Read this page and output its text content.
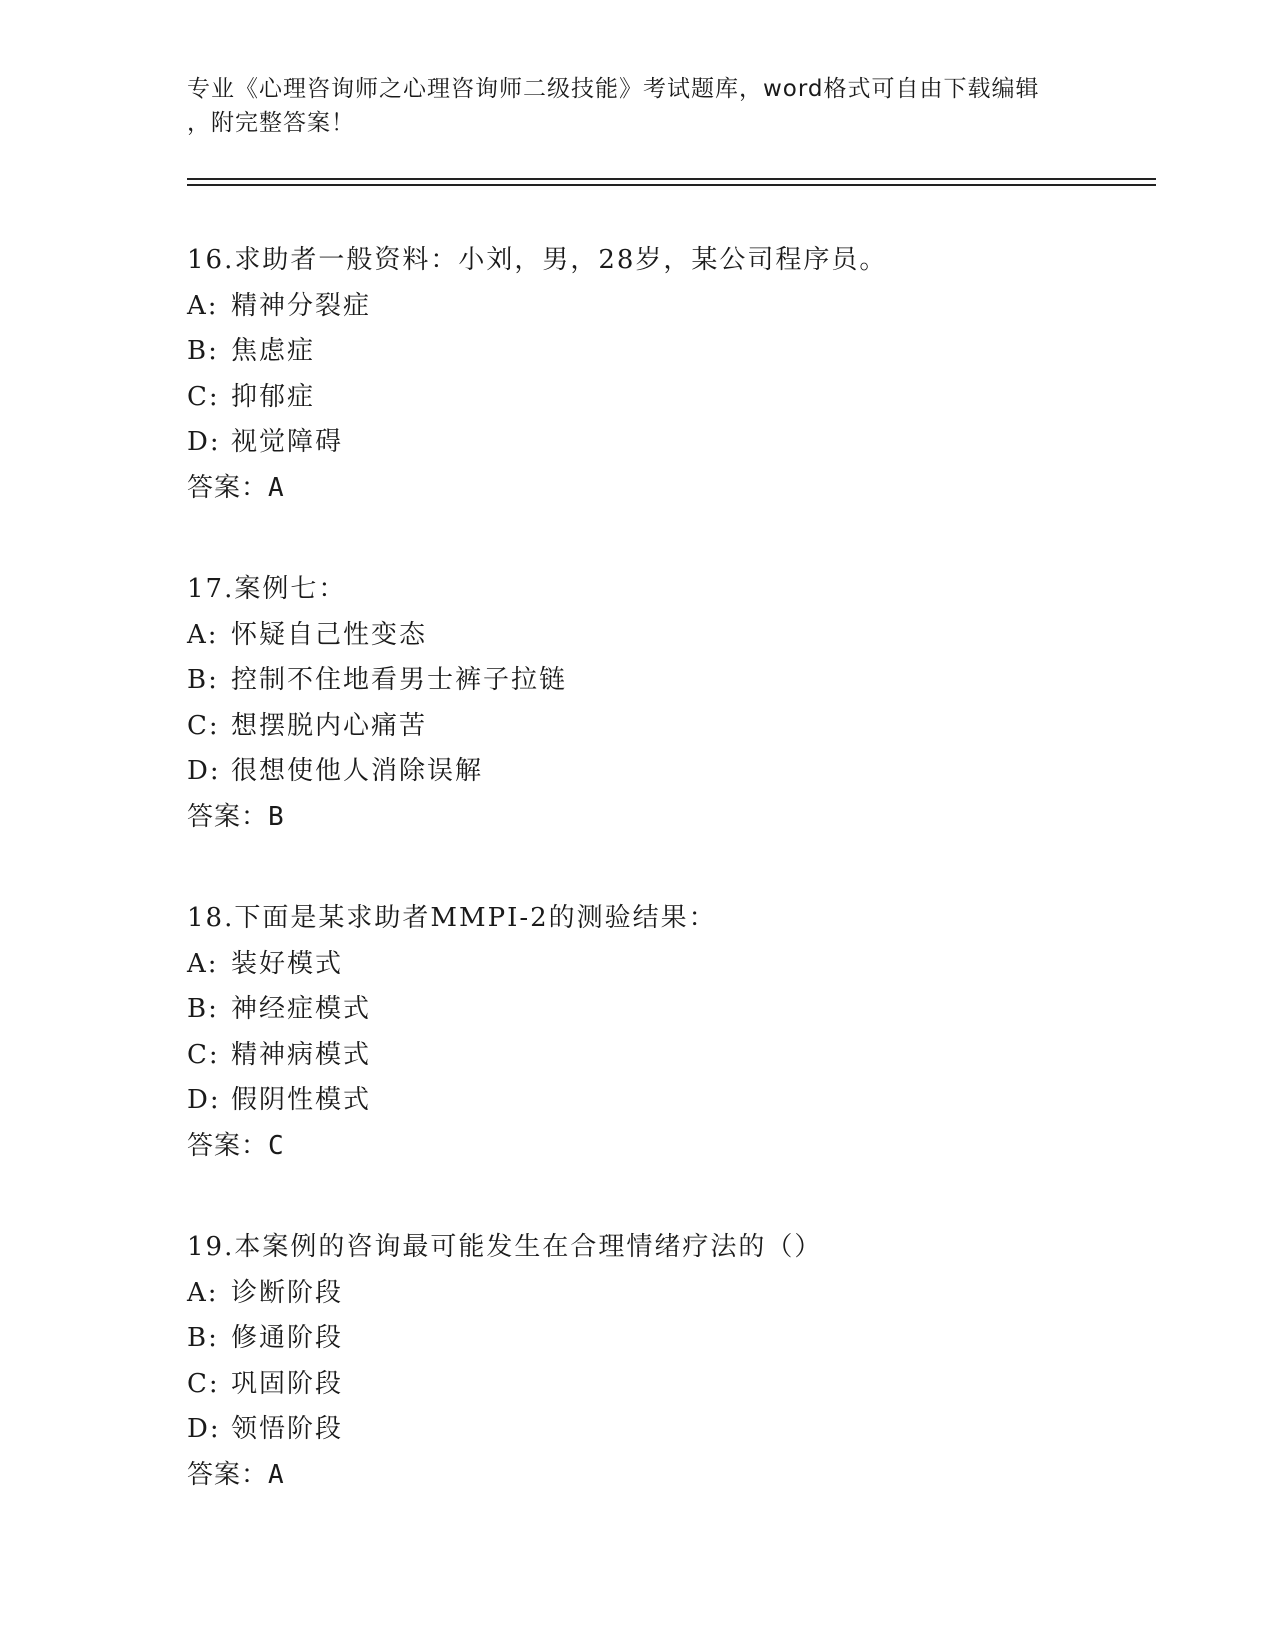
专业《心理咨询师之心理咨询师二级技能》考试题库，word格式可自由下载编辑
，附完整答案！
16.求助者一般资料：小刘，男，28岁，某公司程序员。
A: 精神分裂症
B: 焦虑症
C: 抑郁症
D: 视觉障碍
答案：A
17.案例七：
A: 怀疑自己性变态
B: 控制不住地看男士裤子拉链
C: 想摆脱内心痛苦
D: 很想使他人消除误解
答案：B
18.下面是某求助者MMPI-2的测验结果：
A: 装好模式
B: 神经症模式
C: 精神病模式
D: 假阴性模式
答案：C
19.本案例的咨询最可能发生在合理情绪疗法的（）
A: 诊断阶段
B: 修通阶段
C: 巩固阶段
D: 领悟阶段
答案：A
